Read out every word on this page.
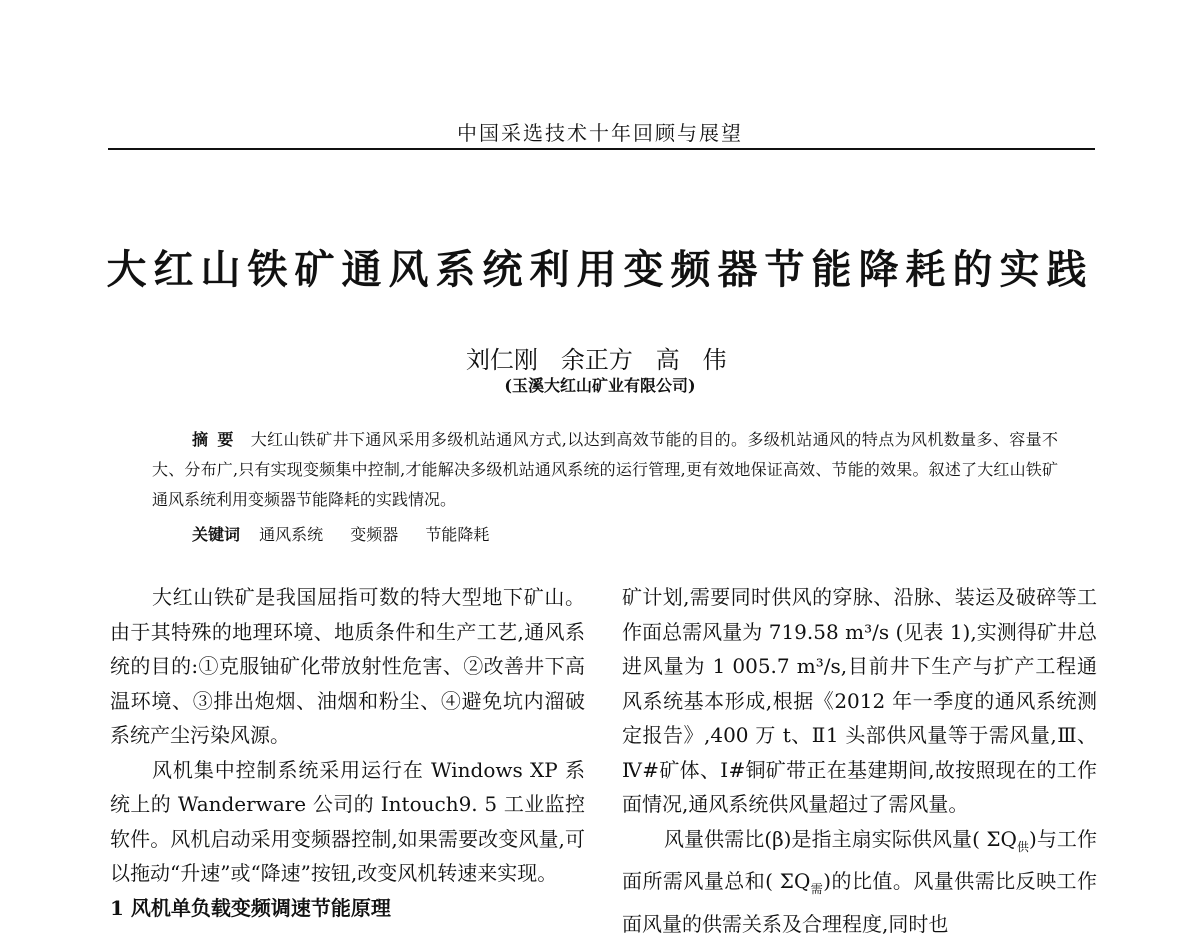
中国采选技术十年回顾与展望
大红山铁矿通风系统利用变频器节能降耗的实践
刘仁刚   余正方   高   伟
(玉溪大红山矿业有限公司)
摘要 大红山铁矿井下通风采用多级机站通风方式,以达到高效节能的目的。多级机站通风的特点为风机数量多、容量不大、分布广,只有实现变频集中控制,才能解决多级机站通风系统的运行管理,更有效地保证高效、节能的效果。叙述了大红山铁矿通风系统利用变频器节能降耗的实践情况。
关键词 通风系统 变频器 节能降耗

大红山铁矿是我国屈指可数的特大型地下矿山。由于其特殊的地理环境、地质条件和生产工艺,通风系统的目的:①克服铀矿化带放射性危害、②改善井下高温环境、③排出炮烟、油烟和粉尘、④避免坑内溜破系统产尘污染风源。

风机集中控制系统采用运行在 Windows XP 系统上的 Wanderware 公司的 Intouch9. 5 工业监控软件。风机启动采用变频器控制,如果需要改变风量,可以拖动“升速”或“降速”按钮,改变风机转速来实现。

1 风机单负载变频调速节能原理

矿计划,需要同时供风的穿脉、沿脉、装运及破碎等工作面总需风量为 719.58 m³/s (见表 1),实测得矿井总进风量为 1 005.7 m³/s,目前井下生产与扩产工程通风系统基本形成,根据《2012 年一季度的通风系统测定报告》,400 万 t、Ⅱ1 头部供风量等于需风量,Ⅲ、Ⅳ#矿体、Ⅰ#铜矿带正在基建期间,故按照现在的工作面情况,通风系统供风量超过了需风量。

风量供需比(β)是指主扇实际供风量( $\Sigma Q_供$)与工作面所需风量总和( $\Sigma Q_需$)的比值。风量供需比反映工作面风量的供需关系及合理程度,同时也
